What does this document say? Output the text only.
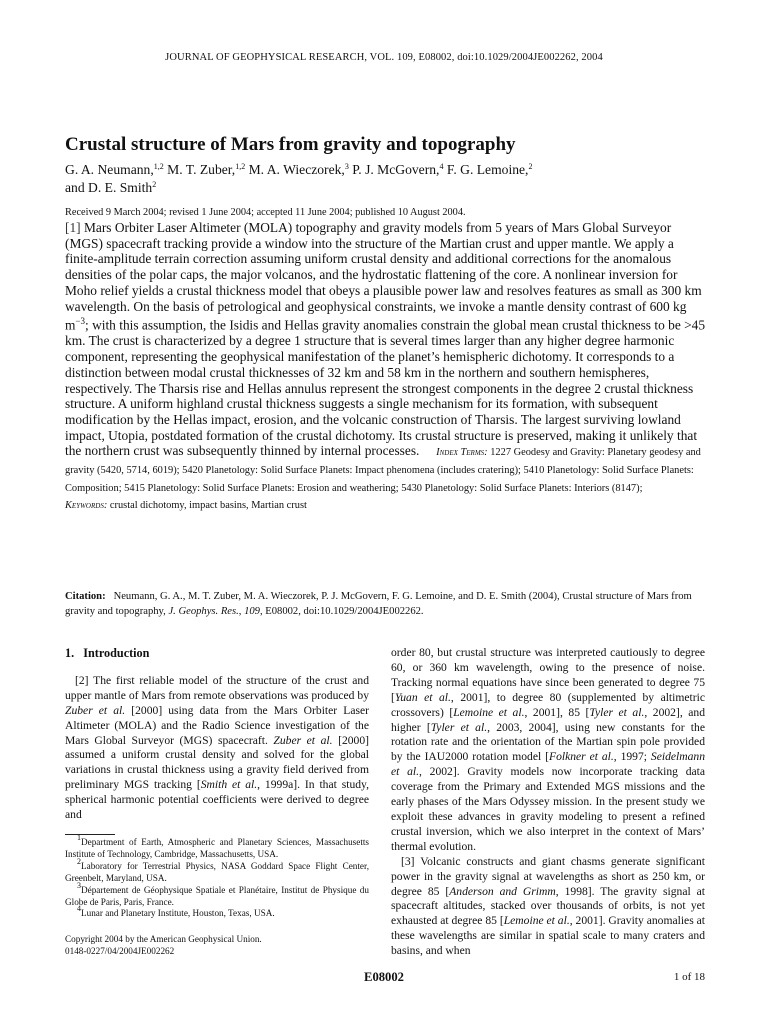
JOURNAL OF GEOPHYSICAL RESEARCH, VOL. 109, E08002, doi:10.1029/2004JE002262, 2004
Crustal structure of Mars from gravity and topography
G. A. Neumann,$^{1,2}$ M. T. Zuber,$^{1,2}$ M. A. Wieczorek,$^3$ P. J. McGovern,$^4$ F. G. Lemoine,$^2$
and D. E. Smith$^2$
Received 9 March 2004; revised 1 June 2004; accepted 11 June 2004; published 10 August 2004.
[1] Mars Orbiter Laser Altimeter (MOLA) topography and gravity models from 5 years of Mars Global Surveyor (MGS) spacecraft tracking provide a window into the structure of the Martian crust and upper mantle. We apply a finite-amplitude terrain correction assuming uniform crustal density and additional corrections for the anomalous densities of the polar caps, the major volcanos, and the hydrostatic flattening of the core. A nonlinear inversion for Moho relief yields a crustal thickness model that obeys a plausible power law and resolves features as small as 300 km wavelength. On the basis of petrological and geophysical constraints, we invoke a mantle density contrast of 600 kg $m^{-3}$; with this assumption, the Isidis and Hellas gravity anomalies constrain the global mean crustal thickness to be >45 km. The crust is characterized by a degree 1 structure that is several times larger than any higher degree harmonic component, representing the geophysical manifestation of the planet’s hemispheric dichotomy. It corresponds to a distinction between modal crustal thicknesses of 32 km and 58 km in the northern and southern hemispheres, respectively. The Tharsis rise and Hellas annulus represent the strongest components in the degree 2 crustal thickness structure. A uniform highland crustal thickness suggests a single mechanism for its formation, with subsequent modification by the Hellas impact, erosion, and the volcanic construction of Tharsis. The largest surviving lowland impact, Utopia, postdated formation of the crustal dichotomy. Its crustal structure is preserved, making it unlikely that the northern crust was subsequently thinned by internal processes. Index Terms: 1227 Geodesy and Gravity: Planetary geodesy and gravity (5420, 5714, 6019); 5420 Planetology: Solid Surface Planets: Impact phenomena (includes cratering); 5410 Planetology: Solid Surface Planets: Composition; 5415 Planetology: Solid Surface Planets: Erosion and weathering; 5430 Planetology: Solid Surface Planets: Interiors (8147);
Keywords: crustal dichotomy, impact basins, Martian crust
Citation: Neumann, G. A., M. T. Zuber, M. A. Wieczorek, P. J. McGovern, F. G. Lemoine, and D. E. Smith (2004), Crustal structure of Mars from gravity and topography, J. Geophys. Res., 109, E08002, doi:10.1029/2004JE002262.
1. Introduction
[2] The first reliable model of the structure of the crust and upper mantle of Mars from remote observations was produced by Zuber et al. [2000] using data from the Mars Orbiter Laser Altimeter (MOLA) and the Radio Science investigation of the Mars Global Surveyor (MGS) spacecraft. Zuber et al. [2000] assumed a uniform crustal density and solved for the global variations in crustal thickness using a gravity field derived from preliminary MGS tracking [Smith et al., 1999a]. In that study, spherical harmonic potential coefficients were derived to degree and
$^1$Department of Earth, Atmospheric and Planetary Sciences, Massachusetts Institute of Technology, Cambridge, Massachusetts, USA.
$^2$Laboratory for Terrestrial Physics, NASA Goddard Space Flight Center, Greenbelt, Maryland, USA.
$^3$Département de Géophysique Spatiale et Planétaire, Institut de Physique du Globe de Paris, Paris, France.
$^4$Lunar and Planetary Institute, Houston, Texas, USA.
Copyright 2004 by the American Geophysical Union.
0148-0227/04/2004JE002262
order 80, but crustal structure was interpreted cautiously to degree 60, or 360 km wavelength, owing to the presence of noise. Tracking normal equations have since been generated to degree 75 [Yuan et al., 2001], to degree 80 (supplemented by altimetric crossovers) [Lemoine et al., 2001], 85 [Tyler et al., 2002], and higher [Tyler et al., 2003, 2004], using new constants for the rotation rate and the orientation of the Martian spin pole provided by the IAU2000 rotation model [Folkner et al., 1997; Seidelmann et al., 2002]. Gravity models now incorporate tracking data coverage from the Primary and Extended MGS missions and the early phases of the Mars Odyssey mission. In the present study we exploit these advances in gravity modeling to present a refined crustal inversion, which we also interpret in the context of Mars’ thermal evolution.
[3] Volcanic constructs and giant chasms generate significant power in the gravity signal at wavelengths as short as 250 km, or degree 85 [Anderson and Grimm, 1998]. The gravity signal at spacecraft altitudes, stacked over thousands of orbits, is not yet exhausted at degree 85 [Lemoine et al., 2001]. Gravity anomalies at these wavelengths are similar in spatial scale to many craters and basins, and when
E08002	1 of 18
